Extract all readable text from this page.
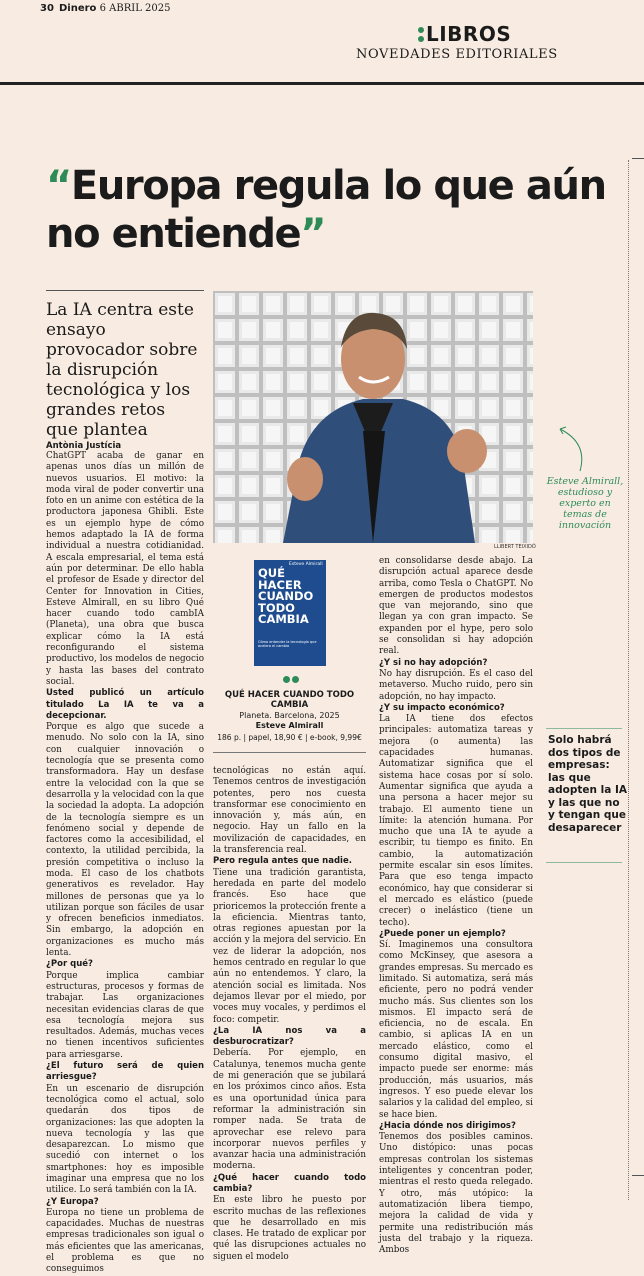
30 Dinero 6 ABRIL 2025
LIBROS
NOVEDADES EDITORIALES
“Europa regula lo que aún no entiende”
La IA centra este ensayo provocador sobre la disrupción tecnológica y los grandes retos que plantea
LLIBERT TEIXIDÓ
Esteve Almirall, estudioso y experto en temas de innovación
Antònia Justícia

ChatGPT acaba de ganar en apenas unos días un millón de nuevos usuarios. El motivo: la moda viral de poder convertir una foto en un anime con estética de la productora japonesa Ghibli. Este es un ejemplo hype de cómo hemos adaptado la IA de forma individual a nuestra cotidianidad. A escala empresarial, el tema está aún por determinar. De ello habla el profesor de Esade y director del Center for Innovation in Cities, Esteve Almirall, en su libro Qué hacer cuando todo cambIA (Planeta), una obra que busca explicar cómo la IA está reconfigurando el sistema productivo, los modelos de negocio y hasta las bases del contrato social.

Usted publicó un artículo titulado La IA te va a decepcionar.

Porque es algo que sucede a menudo. No solo con la IA, sino con cualquier innovación o tecnología que se presenta como transformadora. Hay un desfase entre la velocidad con la que se desarrolla y la velocidad con la que la sociedad la adopta. La adopción de la tecnología siempre es un fenómeno social y depende de factores como la accesibilidad, el contexto, la utilidad percibida, la presión competitiva o incluso la moda. El caso de los chatbots generativos es revelador. Hay millones de personas que ya lo utilizan porque son fáciles de usar y ofrecen beneficios inmediatos. Sin embargo, la adopción en organizaciones es mucho más lenta.

¿Por qué?

Porque implica cambiar estructuras, procesos y formas de trabajar. Las organizaciones necesitan evidencias claras de que esa tecnología mejora sus resultados. Además, muchas veces no tienen incentivos suficientes para arriesgarse.

¿El futuro será de quien arriesgue?

En un escenario de disrupción tecnológica como el actual, solo quedarán dos tipos de organizaciones: las que adopten la nueva tecnología y las que desaparezcan. Lo mismo que sucedió con internet o los smartphones: hoy es imposible imaginar una empresa que no los utilice. Lo será también con la IA.

¿Y Europa?

Europa no tiene un problema de capacidades. Muchas de nuestras empresas tradicionales son igual o más eficientes que las americanas, el problema es que no conseguimos

Esteve Almirall
QUÉ HACER CUANDO TODO CAMBIA
Cómo entender la tecnología que acelera el cambio
QUÉ HACER CUANDO TODO CAMBIA
Planeta. Barcelona, 2025
Esteve Almirall
186 p. | papel, 18,90 € | e-book, 9,99€

tecnológicas no están aquí. Tenemos centros de investigación potentes, pero nos cuesta transformar ese conocimiento en innovación y, más aún, en negocio. Hay un fallo en la movilización de capacidades, en la transferencia real.

Pero regula antes que nadie.

Tiene una tradición garantista, heredada en parte del modelo francés. Eso hace que prioricemos la protección frente a la eficiencia. Mientras tanto, otras regiones apuestan por la acción y la mejora del servicio. En vez de liderar la adopción, nos hemos centrado en regular lo que aún no entendemos. Y claro, la atención social es limitada. Nos dejamos llevar por el miedo, por voces muy vocales, y perdimos el foco: competir.

¿La IA nos va a desburocratizar?

Debería. Por ejemplo, en Catalunya, tenemos mucha gente de mi generación que se jubilará en los próximos cinco años. Esta es una oportunidad única para reformar la administración sin romper nada. Se trata de aprovechar ese relevo para incorporar nuevos perfiles y avanzar hacia una administración moderna.

¿Qué hacer cuando todo cambia?

En este libro he puesto por escrito muchas de las reflexiones que he desarrollado en mis clases. He tratado de explicar por qué las disrupciones actuales no siguen el modelo

en consolidarse desde abajo. La disrupción actual aparece desde arriba, como Tesla o ChatGPT. No emergen de productos modestos que van mejorando, sino que llegan ya con gran impacto. Se expanden por el hype, pero solo se consolidan si hay adopción real.

¿Y si no hay adopción?

No hay disrupción. Es el caso del metaverso. Mucho ruido, pero sin adopción, no hay impacto.

¿Y su impacto económico?

La IA tiene dos efectos principales: automatiza tareas y mejora (o aumenta) las capacidades humanas. Automatizar significa que el sistema hace cosas por sí solo. Aumentar significa que ayuda a una persona a hacer mejor su trabajo. El aumento tiene un límite: la atención humana. Por mucho que una IA te ayude a escribir, tu tiempo es finito. En cambio, la automatización permite escalar sin esos límites. Para que eso tenga impacto económico, hay que considerar si el mercado es elástico (puede crecer) o inelástico (tiene un techo).

¿Puede poner un ejemplo?

Sí. Imaginemos una consultora como McKinsey, que asesora a grandes empresas. Su mercado es limitado. Si automatiza, será más eficiente, pero no podrá vender mucho más. Sus clientes son los mismos. El impacto será de eficiencia, no de escala. En cambio, si aplicas IA en un mercado elástico, como el consumo digital masivo, el impacto puede ser enorme: más producción, más usuarios, más ingresos. Y eso puede elevar los salarios y la calidad del empleo, si se hace bien.

¿Hacia dónde nos dirigimos?

Tenemos dos posibles caminos. Uno distópico: unas pocas empresas controlan los sistemas inteligentes y concentran poder, mientras el resto queda relegado. Y otro, más utópico: la automatización libera tiempo, mejora la calidad de vida y permite una redistribución más justa del trabajo y la riqueza. Ambos

Solo habrá dos tipos de empresas: las que adopten la IA y las que no y tengan que desaparecer
